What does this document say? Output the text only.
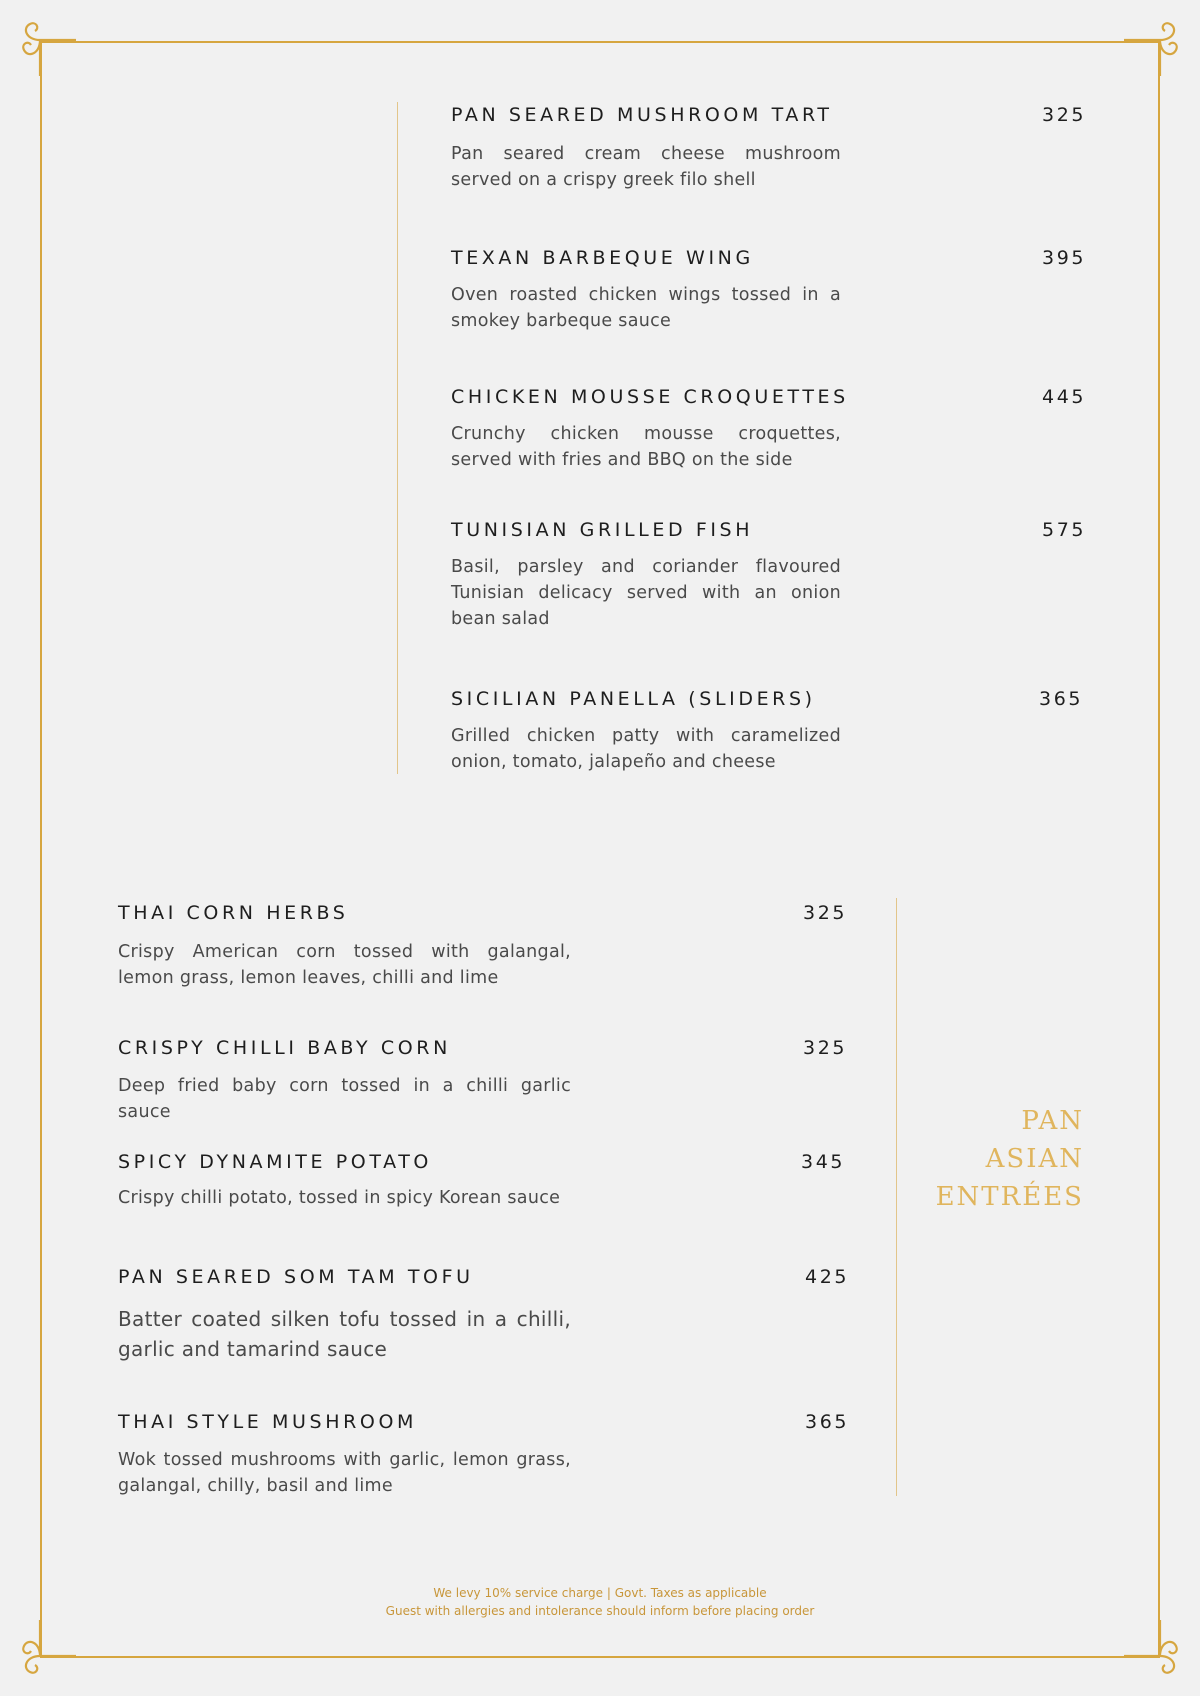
PAN SEARED MUSHROOM TART	325
Pan seared cream cheese mushroom served on a crispy greek filo shell
TEXAN BARBEQUE WING	395
Oven roasted chicken wings tossed in a smokey barbeque sauce
CHICKEN MOUSSE CROQUETTES	445
Crunchy chicken mousse croquettes, served with fries and BBQ on the side
TUNISIAN GRILLED FISH	575
Basil, parsley and coriander flavoured Tunisian delicacy served with an onion bean salad
SICILIAN PANELLA (SLIDERS)	365
Grilled chicken patty with caramelized onion, tomato, jalapeño and cheese
THAI CORN HERBS	325
Crispy American corn tossed with galangal, lemon grass, lemon leaves, chilli and lime
CRISPY CHILLI BABY CORN	325
Deep fried baby corn tossed in a chilli garlic sauce
SPICY DYNAMITE POTATO	345
Crispy chilli potato, tossed in spicy Korean sauce
PAN SEARED SOM TAM TOFU	425
Batter coated silken tofu tossed in a chilli, garlic and tamarind sauce
THAI STYLE MUSHROOM	365
Wok tossed mushrooms with garlic, lemon grass, galangal, chilly, basil and lime
PAN
ASIAN
ENTRÉES
We levy 10% service charge | Govt. Taxes as applicable
Guest with allergies and intolerance should inform before placing order
